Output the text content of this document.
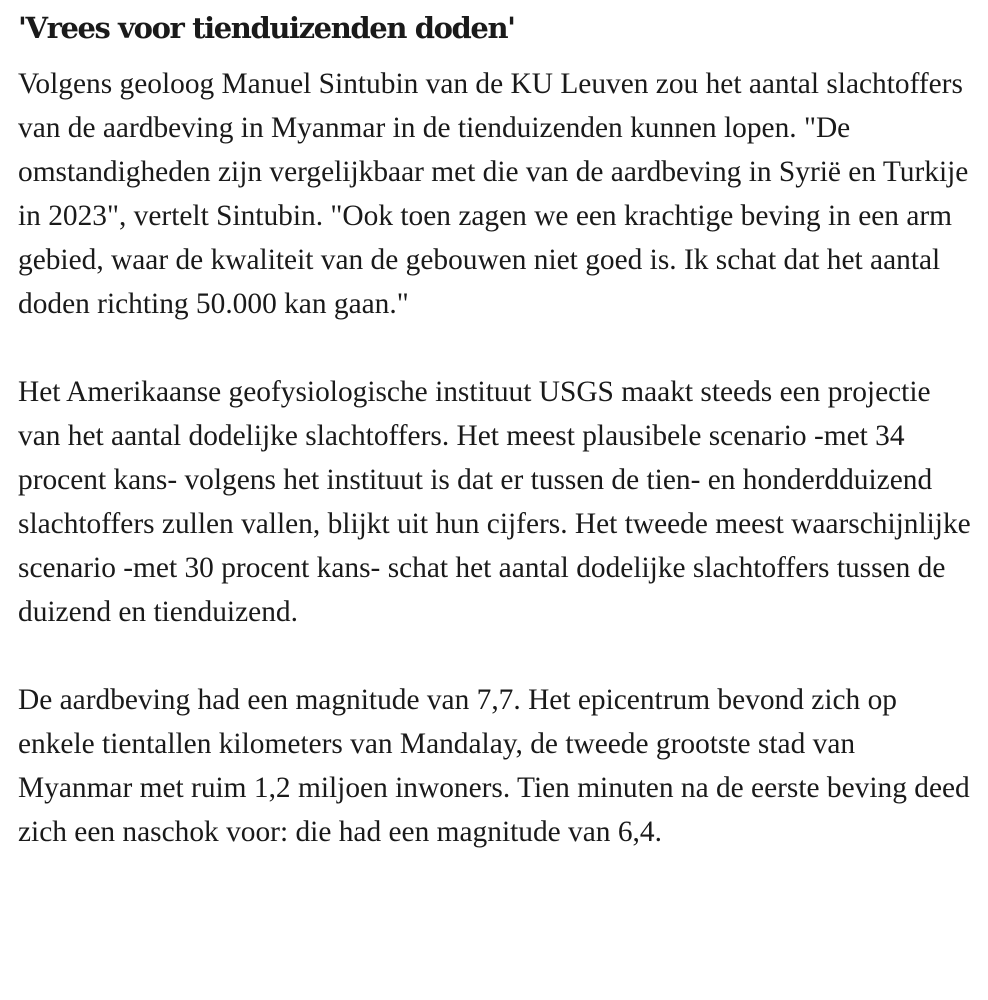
'Vrees voor tienduizenden doden'

Volgens geoloog Manuel Sintubin van de KU Leuven zou het aantal slachtoffers van de aardbeving in Myanmar in de tienduizenden kunnen lopen. "De omstandigheden zijn vergelijkbaar met die van de aardbeving in Syrië en Turkije in 2023", vertelt Sintubin. "Ook toen zagen we een krachtige beving in een arm gebied, waar de kwaliteit van de gebouwen niet goed is. Ik schat dat het aantal doden richting 50.000 kan gaan."

Het Amerikaanse geofysiologische instituut USGS maakt steeds een projectie van het aantal dodelijke slachtoffers. Het meest plausibele scenario -met 34 procent kans- volgens het instituut is dat er tussen de tien- en honderdduizend slachtoffers zullen vallen, blijkt uit hun cijfers. Het tweede meest waarschijnlijke scenario -met 30 procent kans- schat het aantal dodelijke slachtoffers tussen de duizend en tienduizend.

De aardbeving had een magnitude van 7,7. Het epicentrum bevond zich op enkele tientallen kilometers van Mandalay, de tweede grootste stad van Myanmar met ruim 1,2 miljoen inwoners. Tien minuten na de eerste beving deed zich een naschok voor: die had een magnitude van 6,4.
